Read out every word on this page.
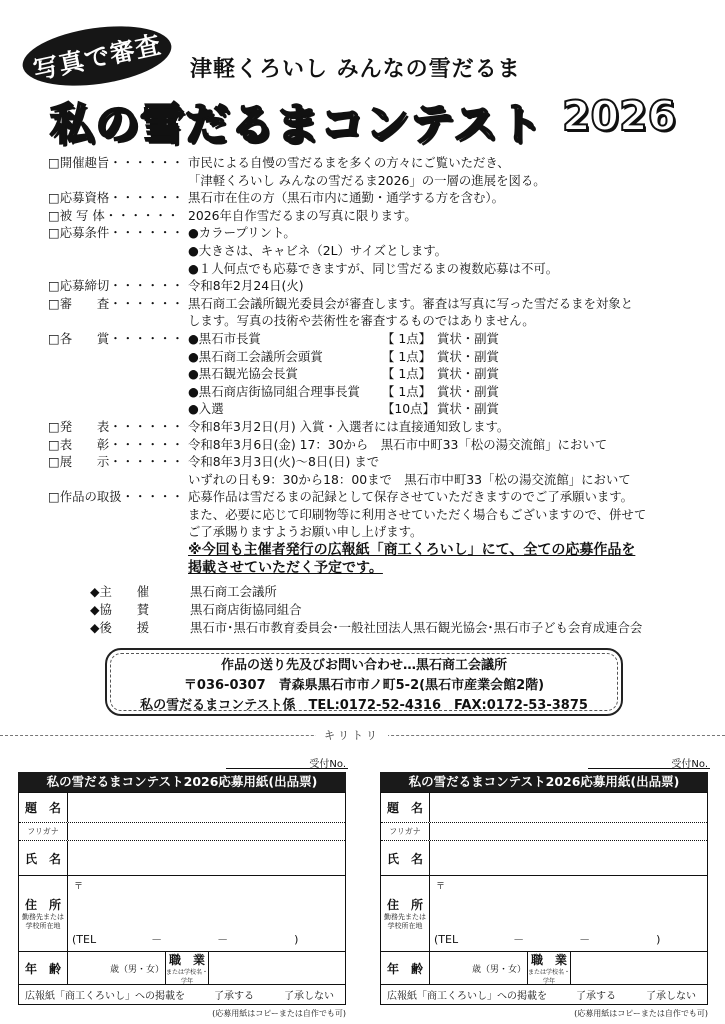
写真で審査 津軽くろいし みんなの雪だるま
私の雪だるまコンテスト 2026
□開催趣旨・・・・・・ 市民による自慢の雪だるまを多くの方々にご覧いただき、
「津軽くろいし みんなの雪だるま2026」の一層の進展を図る。
□応募資格・・・・・・ 黒石市在住の方（黒石市内に通勤・通学する方を含む）。
□被 写 体・・・・・・ 2026年自作雪だるまの写真に限ります。
□応募条件・・・・・・ ●カラープリント。
●大きさは、キャビネ（2L）サイズとします。
●１人何点でも応募できますが、同じ雪だるまの複数応募は不可。
□応募締切・・・・・・ 令和8年2月24日(火)
□審　　査・・・・・・ 黒石商工会議所観光委員会が審査します。審査は写真に写った雪だるまを対象と
します。写真の技術や芸術性を審査するものではありません。
□各　　賞・・・・・・ ●黒石市長賞	【 1点】 賞状・副賞
●黒石商工会議所会頭賞	【 1点】 賞状・副賞
●黒石観光協会長賞	【 1点】 賞状・副賞
●黒石商店街協同組合理事長賞	【 1点】 賞状・副賞
●入選	【10点】 賞状・副賞
□発　　表・・・・・・ 令和8年3月2日(月) 入賞・入選者には直接通知致します。
□表　　彰・・・・・・ 令和8年3月6日(金) 17：30から　黒石市中町33「松の湯交流館」において
□展　　示・・・・・・ 令和8年3月3日(火)〜8日(日) まで
いずれの日も9：30から18：00まで　黒石市中町33「松の湯交流館」において
□作品の取扱・・・・・ 応募作品は雪だるまの記録として保存させていただきますのでご了承願います。
また、必要に応じて印刷物等に利用させていただく場合もございますので、併せて
ご了承賜りますようお願い申し上げます。
※今回も主催者発行の広報紙「商工くろいし」にて、全ての応募作品を
掲載させていただく予定です。
◆主　　催	黒石商工会議所
◆協　　賛	黒石商店街協同組合
◆後　　援	黒石市･黒石市教育委員会･一般社団法人黒石観光協会･黒石市子ども会育成連合会
作品の送り先及びお問い合わせ…黒石商工会議所
〒036-0307　青森県黒石市市ノ町5-2(黒石市産業会館2階)
私の雪だるまコンテスト係　TEL:0172-52-4316　FAX:0172-53-3875
キリトリ
受付No.
私の雪だるまコンテスト2026応募用紙(出品票)
題　名
フリガナ
氏　名
住　所
勤務先または学校所在地
〒
(TEL　　　　　－　　　　　－　　　　　　)
年　齢	歳（男・女）
職　業
または学校名・学年
広報紙「商工くろいし」への掲載を	了承する	了承しない
(応募用紙はコピーまたは自作でも可)
受付No.
私の雪だるまコンテスト2026応募用紙(出品票)
題　名
フリガナ
氏　名
住　所
勤務先または学校所在地
〒
(TEL　　　　　－　　　　　－　　　　　　)
年　齢	歳（男・女）
職　業
または学校名・学年
広報紙「商工くろいし」への掲載を	了承する	了承しない
(応募用紙はコピーまたは自作でも可)
